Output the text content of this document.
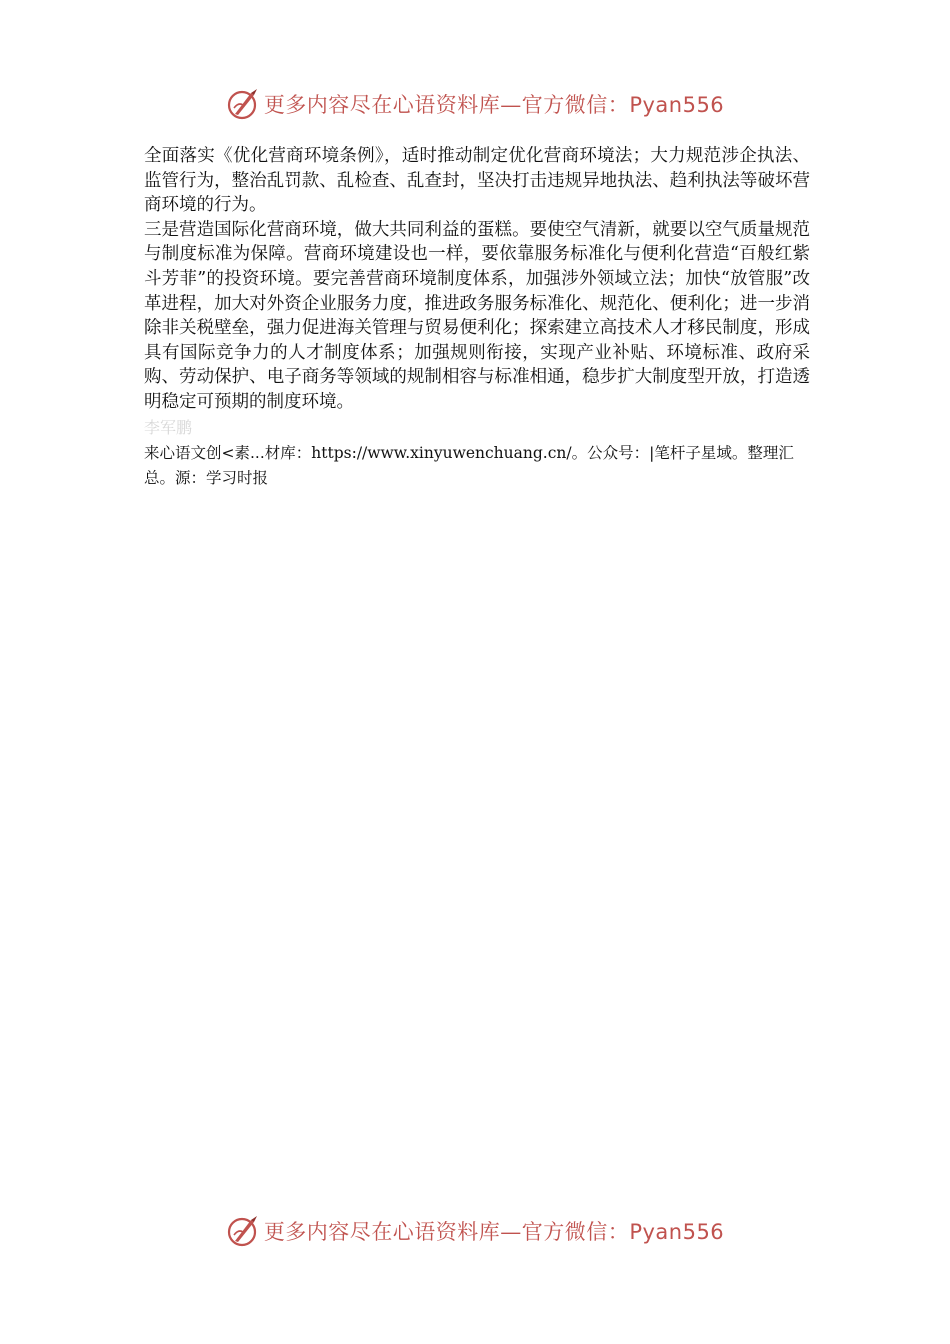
更多内容尽在心语资料库—官方微信：Pyan556

全面落实《优化营商环境条例》，适时推动制定优化营商环境法；大力规范涉企执法、监管行为，整治乱罚款、乱检查、乱查封，坚决打击违规异地执法、趋利执法等破坏营商环境的行为。

三是营造国际化营商环境，做大共同利益的蛋糕。要使空气清新，就要以空气质量规范与制度标准为保障。营商环境建设也一样，要依靠服务标准化与便利化营造“百般红紫斗芳菲”的投资环境。要完善营商环境制度体系，加强涉外领域立法；加快“放管服”改革进程，加大对外资企业服务力度，推进政务服务标准化、规范化、便利化；进一步消除非关税壁垒，强力促进海关管理与贸易便利化；探索建立高技术人才移民制度，形成具有国际竞争力的人才制度体系；加强规则衔接，实现产业补贴、环境标准、政府采购、劳动保护、电子商务等领域的规制相容与标准相通，稳步扩大制度型开放，打造透明稳定可预期的制度环境。

李军鹏

来心语文创<素...材库：https://www.xinyuwenchuang.cn/。公众号：|笔杆子星域。整理汇总。源：学习时报

更多内容尽在心语资料库—官方微信：Pyan556
